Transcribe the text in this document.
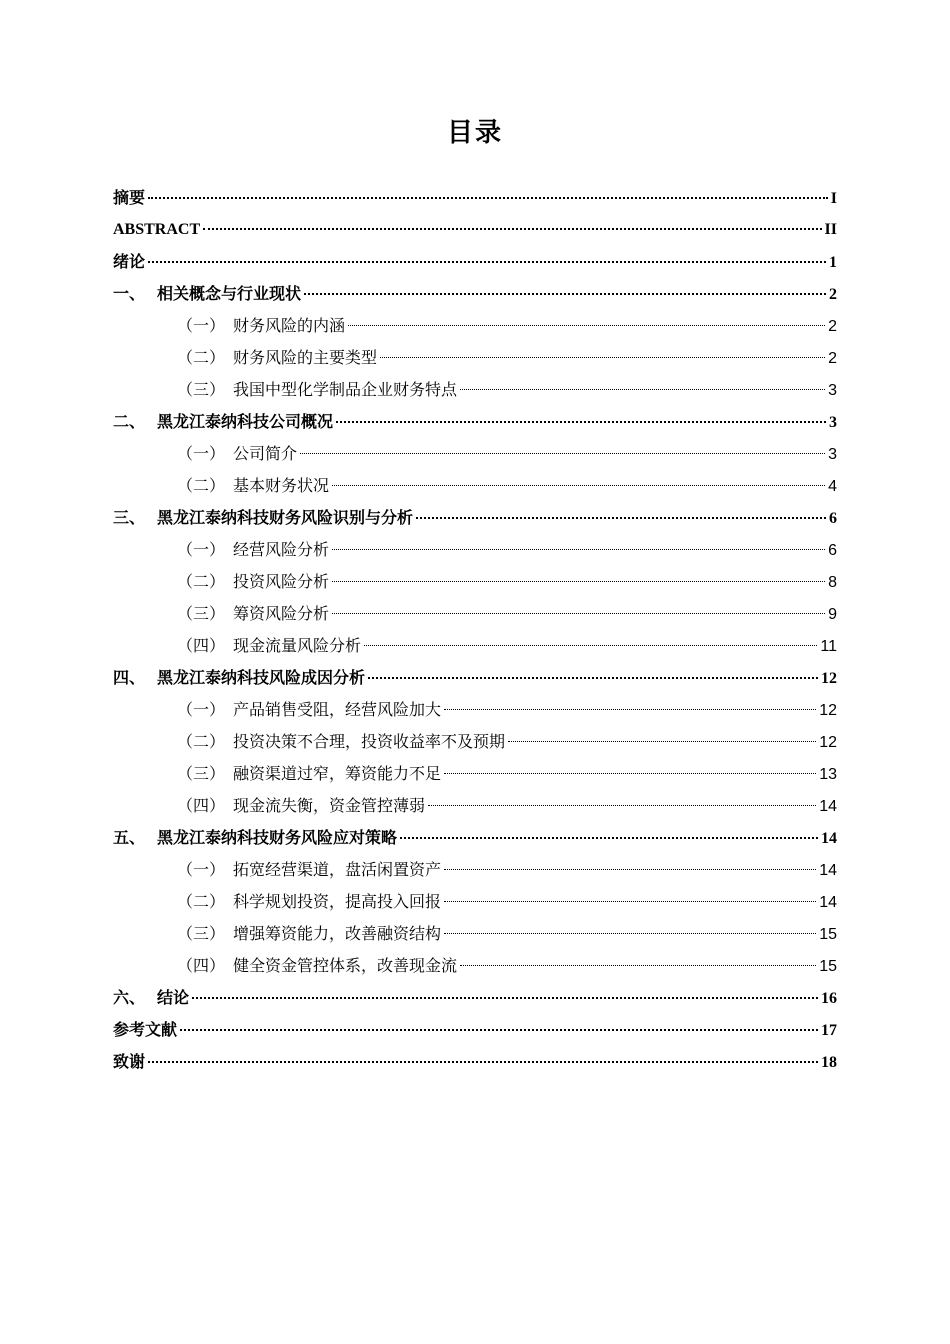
目录
摘要	I
ABSTRACT	II
绪论	1
一、 相关概念与行业现状	2
（一） 财务风险的内涵	2
（二） 财务风险的主要类型	2
（三） 我国中型化学制品企业财务特点	3
二、 黑龙江泰纳科技公司概况	3
（一） 公司简介	3
（二） 基本财务状况	4
三、 黑龙江泰纳科技财务风险识别与分析	6
（一） 经营风险分析	6
（二） 投资风险分析	8
（三） 筹资风险分析	9
（四） 现金流量风险分析	11
四、 黑龙江泰纳科技风险成因分析	12
（一） 产品销售受阻，经营风险加大	12
（二） 投资决策不合理，投资收益率不及预期	12
（三） 融资渠道过窄，筹资能力不足	13
（四） 现金流失衡，资金管控薄弱	14
五、 黑龙江泰纳科技财务风险应对策略	14
（一） 拓宽经营渠道，盘活闲置资产	14
（二） 科学规划投资，提高投入回报	14
（三） 增强筹资能力，改善融资结构	15
（四） 健全资金管控体系，改善现金流	15
六、 结论	16
参考文献	17
致谢	18
